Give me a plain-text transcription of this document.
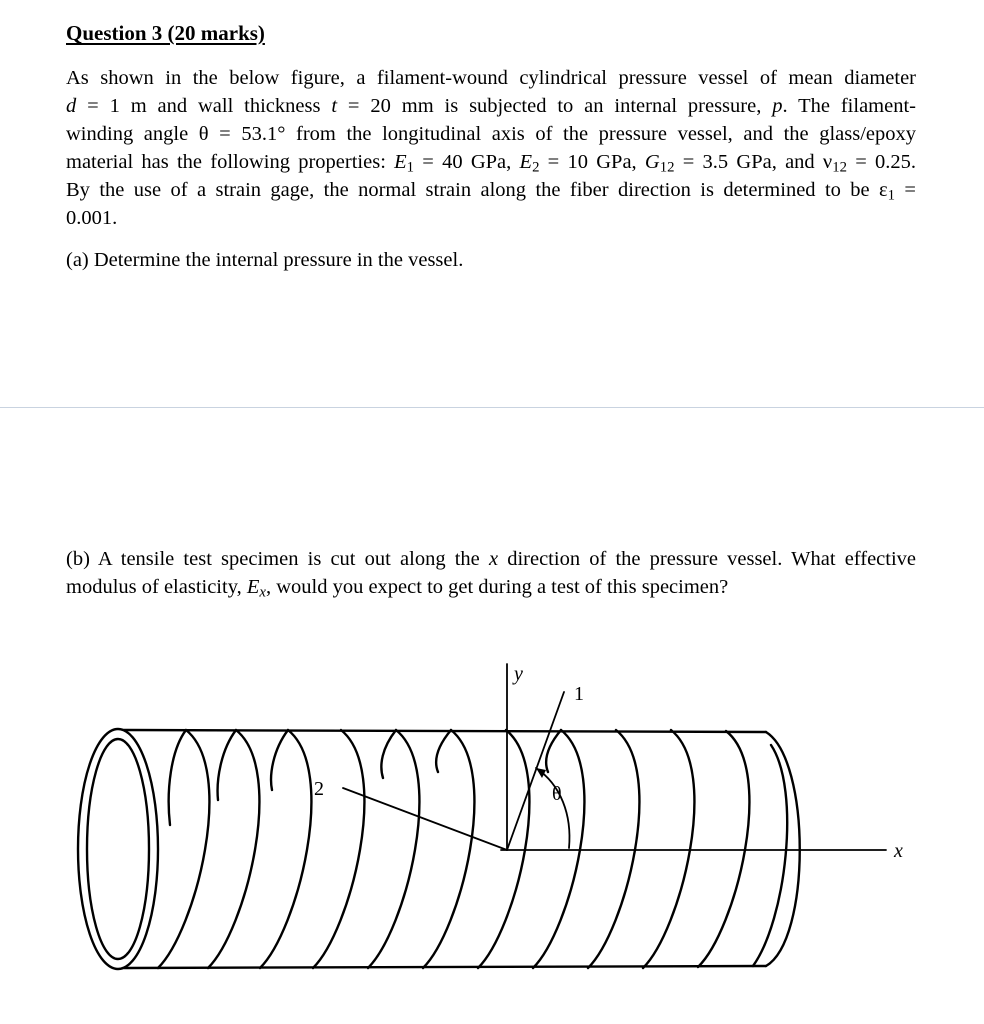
Question 3 (20 marks)
As shown in the below figure, a filament-wound cylindrical pressure vessel of mean diameter
d = 1 m and wall thickness t = 20 mm is subjected to an internal pressure, p. The filament-
winding angle θ = 53.1° from the longitudinal axis of the pressure vessel, and the glass/epoxy
material has the following properties: $E_1 = 40$ GPa, $E_2 = 10$ GPa, $G_{12} = 3.5$ GPa, and $\nu_{12} = 0.25$.
By the use of a strain gage, the normal strain along the fiber direction is determined to be $\varepsilon_1$ =
0.001.
(a) Determine the internal pressure in the vessel.
(b) A tensile test specimen is cut out along the x direction of the pressure vessel. What effective
modulus of elasticity, $E_x$, would you expect to get during a test of this specimen?
y
1
2	θ
x
